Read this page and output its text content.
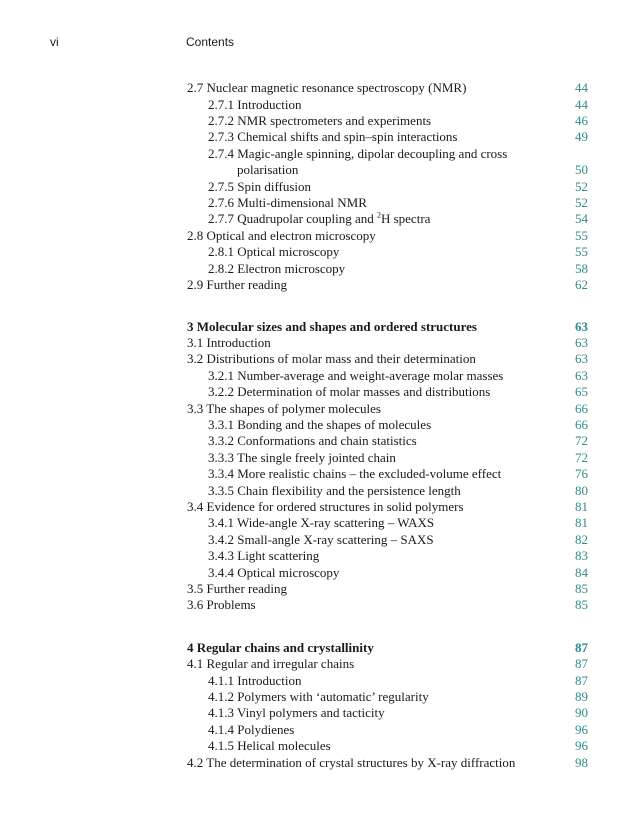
vi	Contents
2.7 Nuclear magnetic resonance spectroscopy (NMR)	44
2.7.1 Introduction	44
2.7.2 NMR spectrometers and experiments	46
2.7.3 Chemical shifts and spin–spin interactions	49
2.7.4 Magic-angle spinning, dipolar decoupling and cross
polarisation	50
2.7.5 Spin diffusion	52
2.7.6 Multi-dimensional NMR	52
2.7.7 Quadrupolar coupling and $^2$H spectra	54
2.8 Optical and electron microscopy	55
2.8.1 Optical microscopy	55
2.8.2 Electron microscopy	58
2.9 Further reading	62
3 Molecular sizes and shapes and ordered structures	63
3.1 Introduction	63
3.2 Distributions of molar mass and their determination	63
3.2.1 Number-average and weight-average molar masses	63
3.2.2 Determination of molar masses and distributions	65
3.3 The shapes of polymer molecules	66
3.3.1 Bonding and the shapes of molecules	66
3.3.2 Conformations and chain statistics	72
3.3.3 The single freely jointed chain	72
3.3.4 More realistic chains – the excluded-volume effect	76
3.3.5 Chain flexibility and the persistence length	80
3.4 Evidence for ordered structures in solid polymers	81
3.4.1 Wide-angle X-ray scattering – WAXS	81
3.4.2 Small-angle X-ray scattering – SAXS	82
3.4.3 Light scattering	83
3.4.4 Optical microscopy	84
3.5 Further reading	85
3.6 Problems	85
4 Regular chains and crystallinity	87
4.1 Regular and irregular chains	87
4.1.1 Introduction	87
4.1.2 Polymers with ‘automatic’ regularity	89
4.1.3 Vinyl polymers and tacticity	90
4.1.4 Polydienes	96
4.1.5 Helical molecules	96
4.2 The determination of crystal structures by X-ray diffraction	98
